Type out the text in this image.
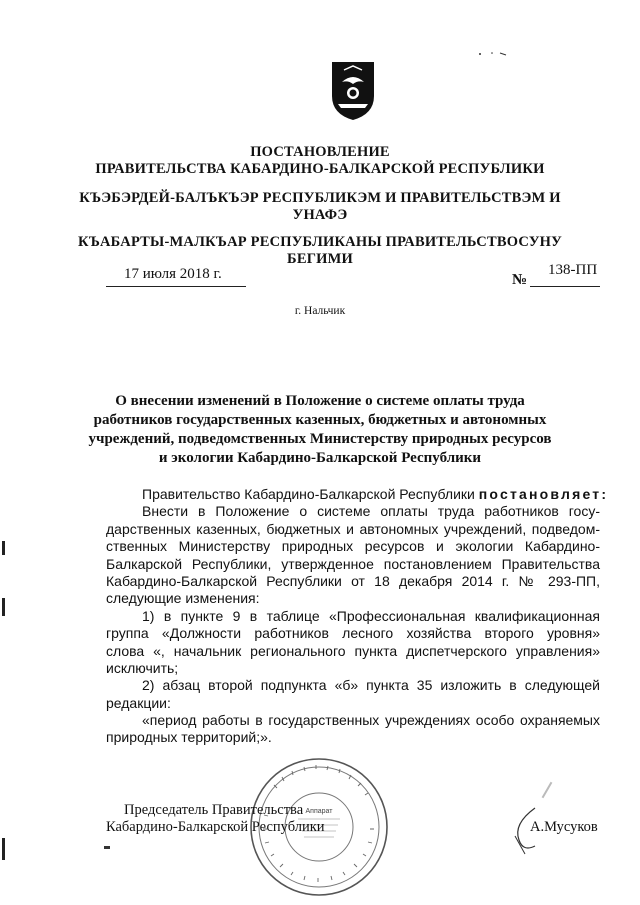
ПОСТАНОВЛЕНИЕ
ПРАВИТЕЛЬСТВА КАБАРДИНО-БАЛКАРСКОЙ РЕСПУБЛИКИ
КЪЭБЭРДЕЙ-БАЛЪКЪЭР РЕСПУБЛИКЭМ И ПРАВИТЕЛЬСТВЭМ И
УНАФЭ
КЪАБАРТЫ-МАЛКЪАР РЕСПУБЛИКАНЫ ПРАВИТЕЛЬСТВОСУНУ
БЕГИМИ
17 июля 2018 г.	№
138-ПП
г. Нальчик
О внесении изменений в Положение о системе оплаты труда
работников государственных казенных, бюджетных и автономных
учреждений, подведомственных Министерству природных ресурсов
и экологии Кабардино-Балкарской Республики
Правительство Кабардино-Балкарской Республики постановляет:
Внести в Положение о системе оплаты труда работников госу-
дарственных казенных, бюджетных и автономных учреждений, подведом-
ственных Министерству природных ресурсов и экологии Кабардино-
Балкарской Республики, утвержденное постановлением Правительства
Кабардино-Балкарской Республики от 18 декабря 2014 г. № 293-ПП,
следующие изменения:
1) в пункте 9 в таблице «Профессиональная квалификационная
группа «Должности работников лесного хозяйства второго уровня»
слова «, начальник регионального пункта диспетчерского управления»
исключить;
2) абзац второй подпункта «б» пункта 35 изложить в следующей
редакции:
«период работы в государственных учреждениях особо охраняемых
природных территорий;».
Аппарат
Председатель Правительства
Кабардино-Балкарской Республики	А.Мусуков
